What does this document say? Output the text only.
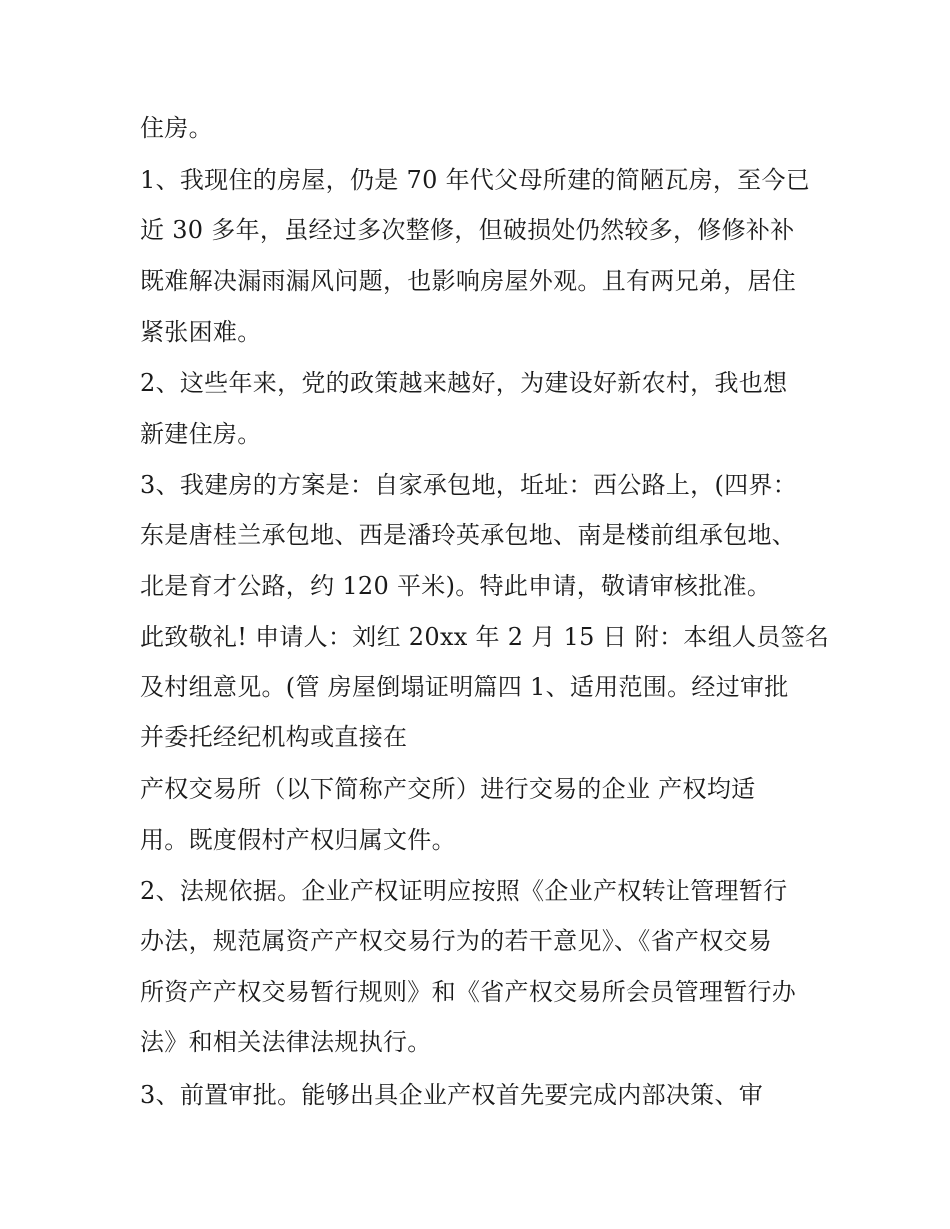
住房。

1、我现住的房屋，仍是 70 年代父母所建的简陋瓦房，至今已

近 30 多年，虽经过多次整修，但破损处仍然较多，修修补补

既难解决漏雨漏风问题，也影响房屋外观。且有两兄弟，居住

紧张困难。

2、这些年来，党的政策越来越好，为建设好新农村，我也想

新建住房。

3、我建房的方案是：自家承包地，坵址：西公路上，(四界：

东是唐桂兰承包地、西是潘玲英承包地、南是楼前组承包地、

北是育才公路，约 120 平米)。特此申请，敬请审核批准。

此致敬礼! 申请人：刘红 20xx 年 2 月 15 日 附：本组人员签名

及村组意见。(管 房屋倒塌证明篇四 1、适用范围。经过审批

并委托经纪机构或直接在

产权交易所（以下简称产交所）进行交易的企业 产权均适

用。既度假村产权归属文件。

2、法规依据。企业产权证明应按照《企业产权转让管理暂行

办法，规范属资产产权交易行为的若干意见》、《省产权交易

所资产产权交易暂行规则》和《省产权交易所会员管理暂行办

法》和相关法律法规执行。

3、前置审批。能够出具企业产权首先要完成内部决策、审
